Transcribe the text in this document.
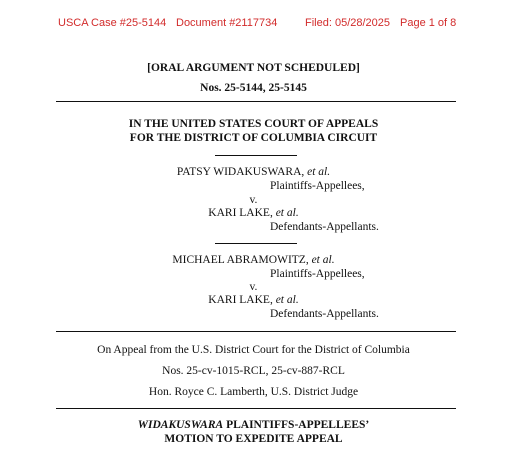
USCA Case #25-5144 Document #2117734	Filed: 05/28/2025 Page 1 of 8
[ORAL ARGUMENT NOT SCHEDULED]
Nos. 25-5144, 25-5145
IN THE UNITED STATES COURT OF APPEALS
FOR THE DISTRICT OF COLUMBIA CIRCUIT
PATSY WIDAKUSWARA, et al.
Plaintiffs-Appellees,
v.
KARI LAKE, et al.
Defendants-Appellants.
MICHAEL ABRAMOWITZ, et al.
Plaintiffs-Appellees,
v.
KARI LAKE, et al.
Defendants-Appellants.
On Appeal from the U.S. District Court for the District of Columbia
Nos. 25-cv-1015-RCL, 25-cv-887-RCL
Hon. Royce C. Lamberth, U.S. District Judge
WIDAKUSWARA PLAINTIFFS-APPELLEES’
MOTION TO EXPEDITE APPEAL
